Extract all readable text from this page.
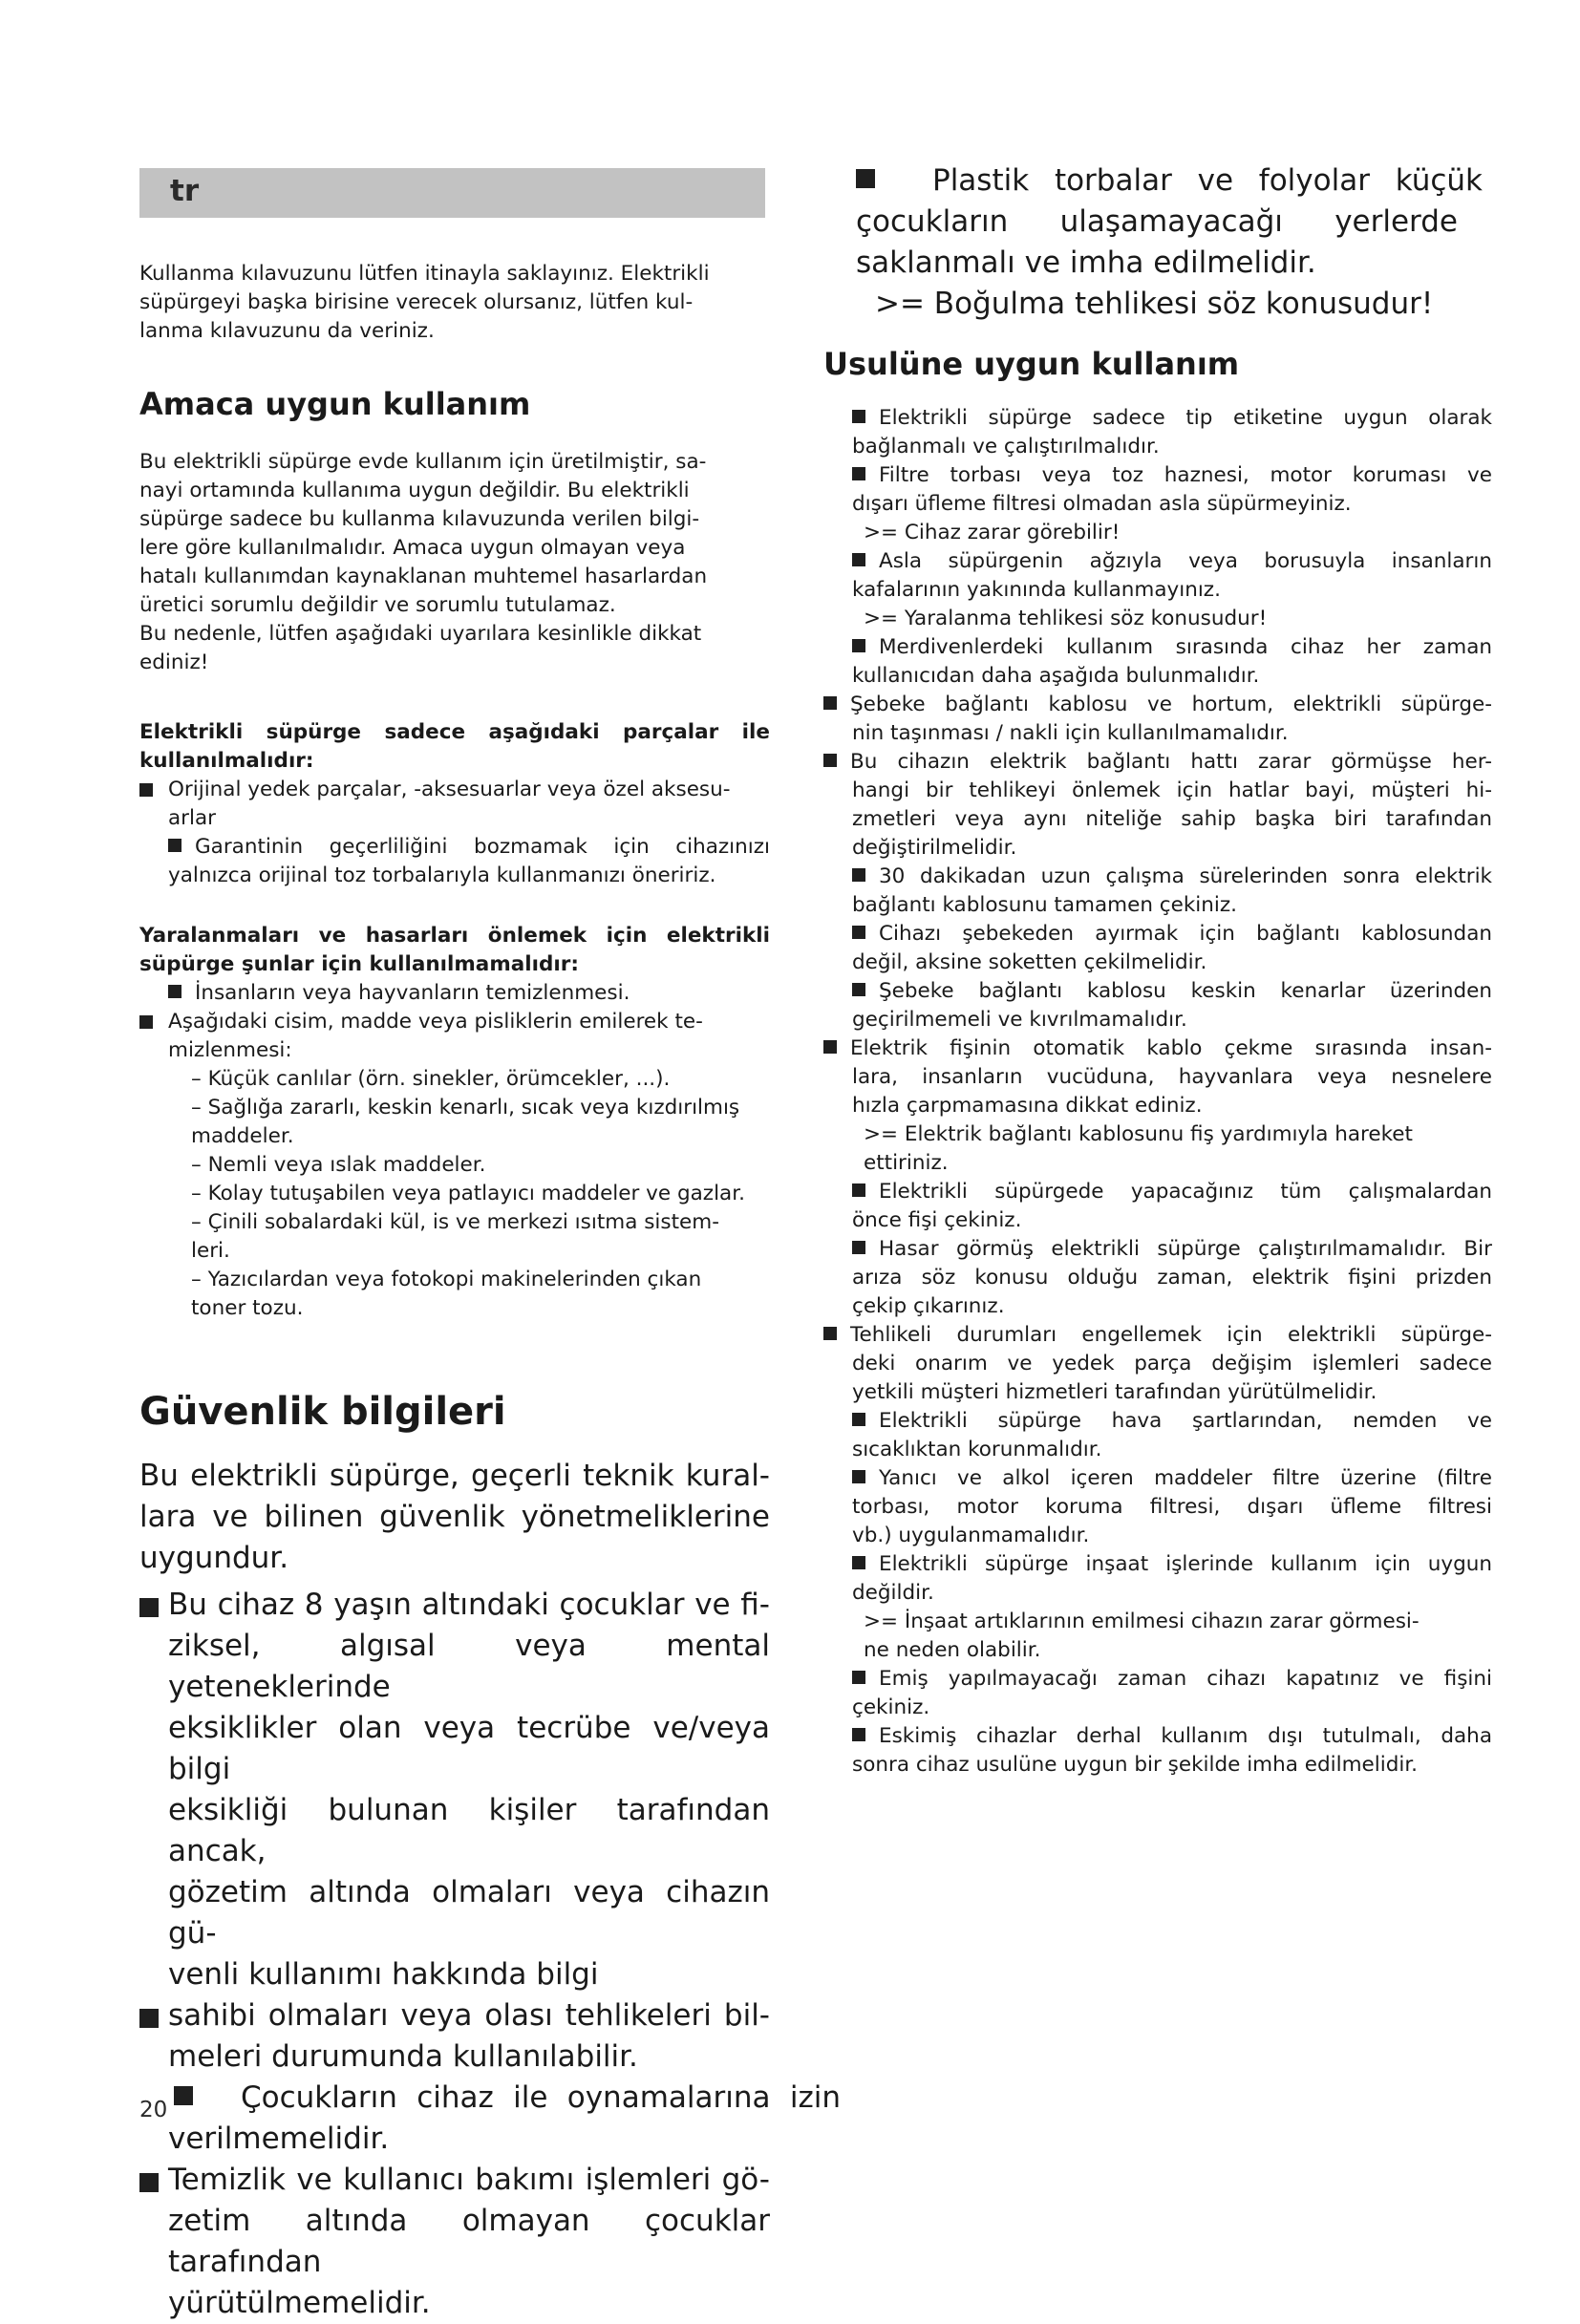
tr
Kullanma kılavuzunu lütfen itinayla saklayınız. Elektrikli
süpürgeyi başka birisine verecek olursanız, lütfen kul-
lanma kılavuzunu da veriniz.
Amaca uygun kullanım
Bu elektrikli süpürge evde kullanım için üretilmiştir, sa-
nayi ortamında kullanıma uygun değildir. Bu elektrikli
süpürge sadece bu kullanma kılavuzunda verilen bilgi-
lere göre kullanılmalıdır. Amaca uygun olmayan veya
hatalı kullanımdan kaynaklanan muhtemel hasarlardan
üretici sorumlu değildir ve sorumlu tutulamaz.
Bu nedenle, lütfen aşağıdaki uyarılara kesinlikle dikkat
ediniz!
Elektrikli süpürge sadece aşağıdaki parçalar ile
kullanılmalıdır:
Orijinal yedek parçalar, -aksesuarlar veya özel aksesu-
arlar
Garantinin geçerliliğini bozmamak için cihazınızı
yalnızca orijinal toz torbalarıyla kullanmanızı öneririz.
Yaralanmaları ve hasarları önlemek için elektrikli
süpürge şunlar için kullanılmamalıdır:
İnsanların veya hayvanların temizlenmesi.
Aşağıdaki cisim, madde veya pisliklerin emilerek te-
mizlenmesi:
– Küçük canlılar (örn. sinekler, örümcekler, ...).
– Sağlığa zararlı, keskin kenarlı, sıcak veya kızdırılmış
maddeler.
– Nemli veya ıslak maddeler.
– Kolay tutuşabilen veya patlayıcı maddeler ve gazlar.
– Çinili sobalardaki kül, is ve merkezi ısıtma sistem-
leri.
– Yazıcılardan veya fotokopi makinelerinden çıkan
toner tozu.
Güvenlik bilgileri
Bu elektrikli süpürge, geçerli teknik kural-
lara ve bilinen güvenlik yönetmeliklerine
uygundur.
Bu cihaz 8 yaşın altındaki çocuklar ve fi-
ziksel, algısal veya mental yeteneklerinde
eksiklikler olan veya tecrübe ve/veya bilgi
eksikliği bulunan kişiler tarafından ancak,
gözetim altında olmaları veya cihazın gü-
venli kullanımı hakkında bilgi
sahibi olmaları veya olası tehlikeleri bil-
meleri durumunda kullanılabilir.
Çocukların cihaz ile oynamalarına izin
verilmemelidir.
Temizlik ve kullanıcı bakımı işlemleri gö-
zetim altında olmayan çocuklar tarafından
yürütülmemelidir.
Plastik torbalar ve folyolar küçük
çocukların ulaşamayacağı yerlerde
saklanmalı ve imha edilmelidir.
>= Boğulma tehlikesi söz konusudur!
Usulüne uygun kullanım
Elektrikli süpürge sadece tip etiketine uygun olarak
bağlanmalı ve çalıştırılmalıdır.
Filtre torbası veya toz haznesi, motor koruması ve
dışarı üfleme filtresi olmadan asla süpürmeyiniz.
>= Cihaz zarar görebilir!
Asla süpürgenin ağzıyla veya borusuyla insanların
kafalarının yakınında kullanmayınız.
>= Yaralanma tehlikesi söz konusudur!
Merdivenlerdeki kullanım sırasında cihaz her zaman
kullanıcıdan daha aşağıda bulunmalıdır.
Şebeke bağlantı kablosu ve hortum, elektrikli süpürge-
nin taşınması / nakli için kullanılmamalıdır.
Bu cihazın elektrik bağlantı hattı zarar görmüşse her-
hangi bir tehlikeyi önlemek için hatlar bayi, müşteri hi-
zmetleri veya aynı niteliğe sahip başka biri tarafından
değiştirilmelidir.
30 dakikadan uzun çalışma sürelerinden sonra elektrik
bağlantı kablosunu tamamen çekiniz.
Cihazı şebekeden ayırmak için bağlantı kablosundan
değil, aksine soketten çekilmelidir.
Şebeke bağlantı kablosu keskin kenarlar üzerinden
geçirilmemeli ve kıvrılmamalıdır.
Elektrik fişinin otomatik kablo çekme sırasında insan-
lara, insanların vucüduna, hayvanlara veya nesnelere
hızla çarpmamasına dikkat ediniz.
>= Elektrik bağlantı kablosunu fiş yardımıyla hareket
ettiriniz.
Elektrikli süpürgede yapacağınız tüm çalışmalardan
önce fişi çekiniz.
Hasar görmüş elektrikli süpürge çalıştırılmamalıdır. Bir
arıza söz konusu olduğu zaman, elektrik fişini prizden
çekip çıkarınız.
Tehlikeli durumları engellemek için elektrikli süpürge-
deki onarım ve yedek parça değişim işlemleri sadece
yetkili müşteri hizmetleri tarafından yürütülmelidir.
Elektrikli süpürge hava şartlarından, nemden ve
sıcaklıktan korunmalıdır.
Yanıcı ve alkol içeren maddeler filtre üzerine (filtre
torbası, motor koruma filtresi, dışarı üfleme filtresi
vb.) uygulanmamalıdır.
Elektrikli süpürge inşaat işlerinde kullanım için uygun
değildir.
>= İnşaat artıklarının emilmesi cihazın zarar görmesi-
ne neden olabilir.
Emiş yapılmayacağı zaman cihazı kapatınız ve fişini
çekiniz.
Eskimiş cihazlar derhal kullanım dışı tutulmalı, daha
sonra cihaz usulüne uygun bir şekilde imha edilmelidir.
20
